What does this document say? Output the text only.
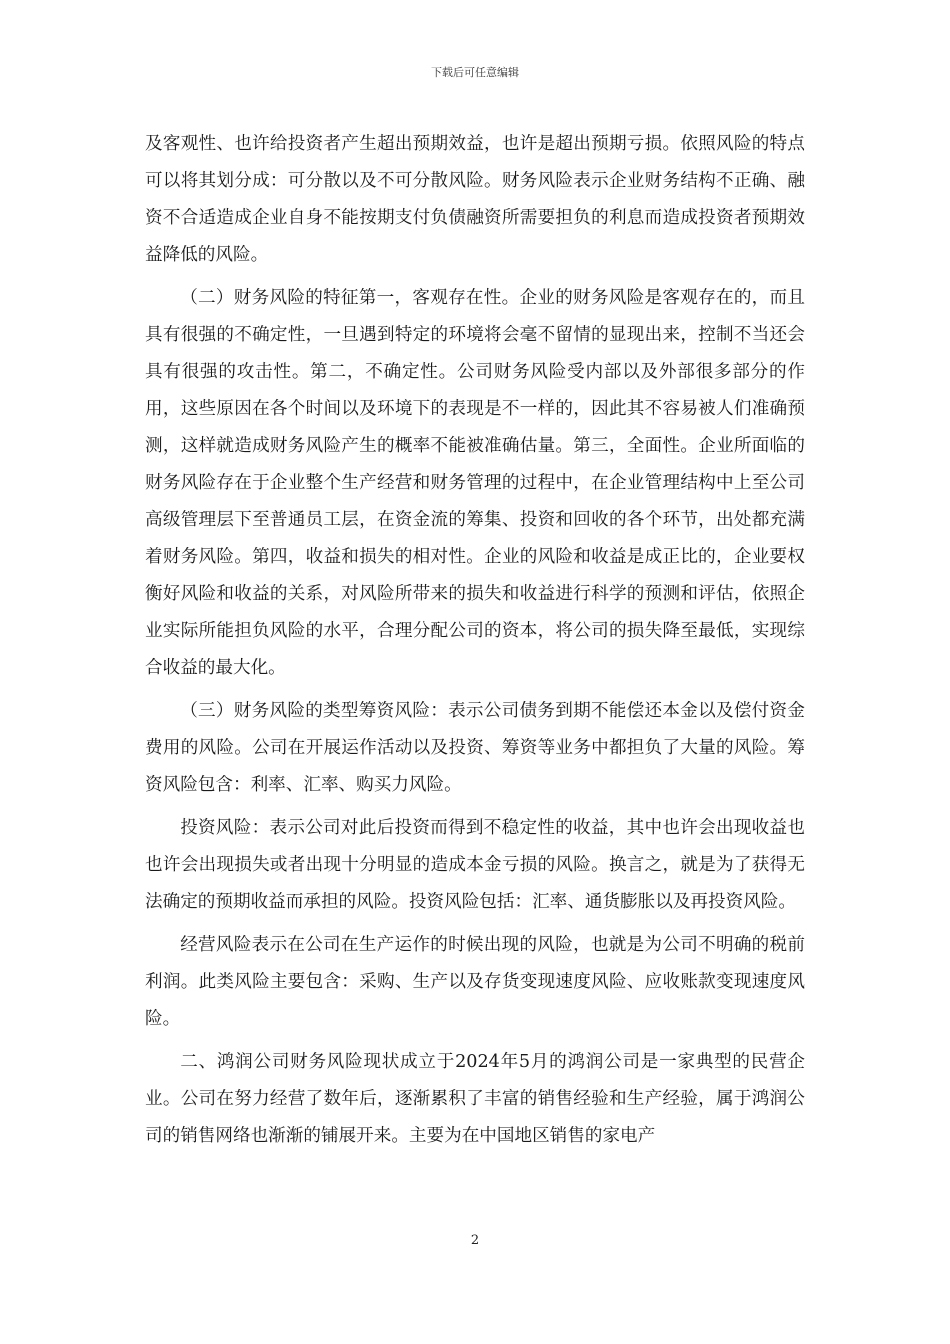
下载后可任意编辑

及客观性、也许给投资者产生超出预期效益，也许是超出预期亏损。依照风险的特点可以将其划分成：可分散以及不可分散风险。财务风险表示企业财务结构不正确、融资不合适造成企业自身不能按期支付负债融资所需要担负的利息而造成投资者预期效益降低的风险。

（二）财务风险的特征第一，客观存在性。企业的财务风险是客观存在的，而且具有很强的不确定性，一旦遇到特定的环境将会毫不留情的显现出来，控制不当还会具有很强的攻击性。第二，不确定性。公司财务风险受内部以及外部很多部分的作用，这些原因在各个时间以及环境下的表现是不一样的，因此其不容易被人们准确预测，这样就造成财务风险产生的概率不能被准确估量。第三，全面性。企业所面临的财务风险存在于企业整个生产经营和财务管理的过程中，在企业管理结构中上至公司高级管理层下至普通员工层，在资金流的筹集、投资和回收的各个环节，出处都充满着财务风险。第四，收益和损失的相对性。企业的风险和收益是成正比的，企业要权衡好风险和收益的关系，对风险所带来的损失和收益进行科学的预测和评估，依照企业实际所能担负风险的水平，合理分配公司的资本，将公司的损失降至最低，实现综合收益的最大化。

（三）财务风险的类型筹资风险：表示公司债务到期不能偿还本金以及偿付资金费用的风险。公司在开展运作活动以及投资、筹资等业务中都担负了大量的风险。筹资风险包含：利率、汇率、购买力风险。

投资风险：表示公司对此后投资而得到不稳定性的收益，其中也许会出现收益也也许会出现损失或者出现十分明显的造成本金亏损的风险。换言之，就是为了获得无法确定的预期收益而承担的风险。投资风险包括：汇率、通货膨胀以及再投资风险。

经营风险表示在公司在生产运作的时候出现的风险，也就是为公司不明确的税前利润。此类风险主要包含：采购、生产以及存货变现速度风险、应收账款变现速度风险。

二、鸿润公司财务风险现状成立于2024年5月的鸿润公司是一家典型的民营企业。公司在努力经营了数年后，逐渐累积了丰富的销售经验和生产经验，属于鸿润公司的销售网络也渐渐的铺展开来。主要为在中国地区销售的家电产

2
